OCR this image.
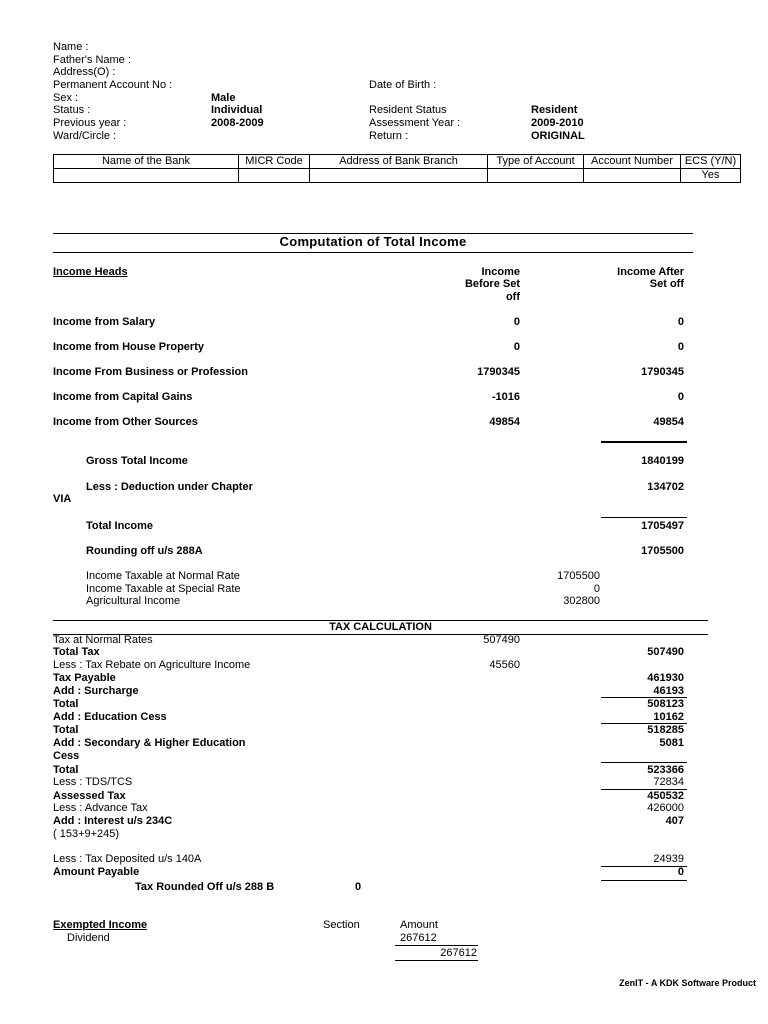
Name :
Father's Name :
Address(O) :
Permanent Account No :	Date of Birth :
Sex :	Male
Status :	Individual	Resident Status	Resident
Previous year :	2008-2009	Assessment Year :	2009-2010
Ward/Circle :	Return :	ORIGINAL
Name of the Bank	MICR Code	Address of Bank Branch	Type of Account	Account Number	ECS (Y/N)
					Yes
Computation of Total Income
Income Heads	Income
Before Set
off
Income After
Set off
Income from Salary	0	0
Income from House Property	0	0
Income From Business or Profession	1790345	1790345
Income from Capital Gains	-1016	0
Income from Other Sources	49854	49854
Gross Total Income	1840199
Less : Deduction under Chapter
VIA
134702
Total Income	1705497
Rounding off u/s 288A	1705500
Income Taxable at Normal Rate	1705500
Income Taxable at Special Rate	0
Agricultural Income	302800
TAX CALCULATION
Tax at Normal Rates	507490
Total Tax	507490
Less : Tax Rebate on Agriculture Income	45560
Tax Payable	461930
Add : Surcharge	46193
Total	508123
Add : Education Cess	10162
Total	518285
Add : Secondary & Higher Education
Cess
5081
Total	523366
Less : TDS/TCS	72834
Assessed Tax	450532
Less : Advance Tax	426000
Add : Interest u/s 234C	407
( 153+9+245)
Less : Tax Deposited u/s 140A	24939
Amount Payable	0
Tax Rounded Off u/s 288 B	0
Exempted Income	Section	Amount
Dividend	267612
267612
ZenIT - A KDK Software Product
